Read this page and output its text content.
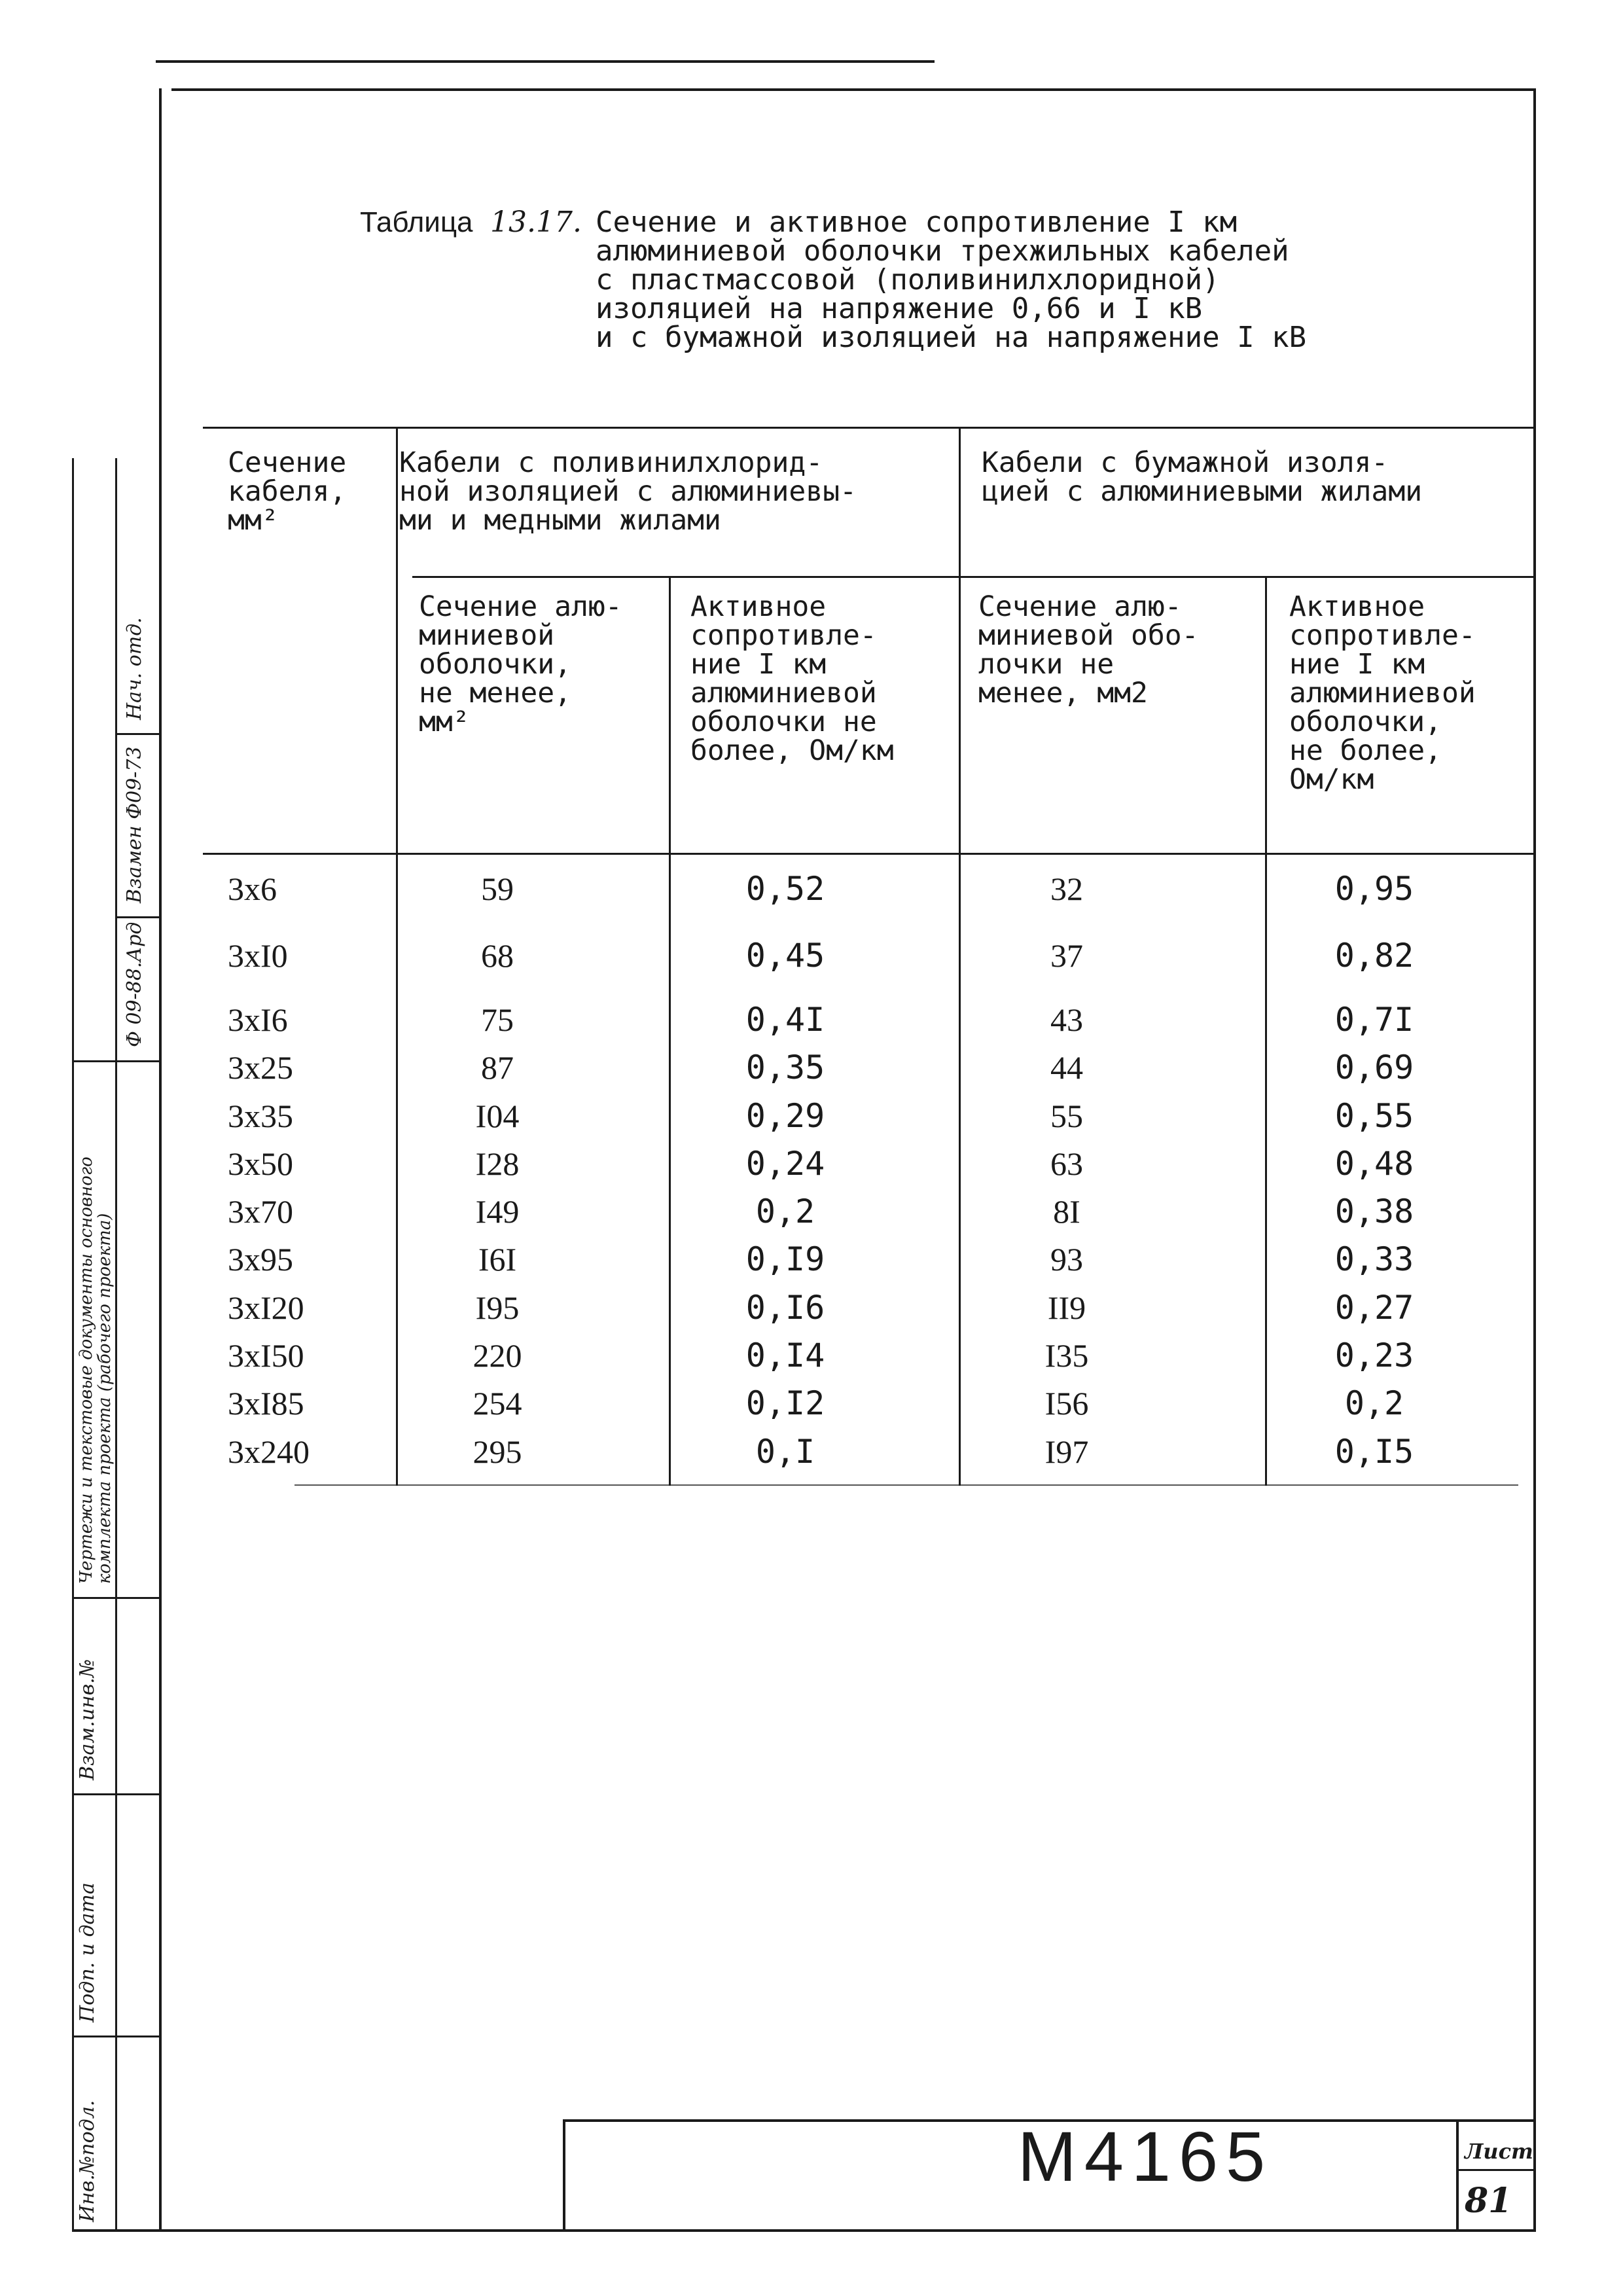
Инв.№подл.
Подп. и дата
Взам.инв.№
Чертежи и текстовые документы основного комплекта проекта (рабочего проекта)
Ф 09-88.Ард
Взамен Ф09-73
Нач. отд.
Таблица 13.17. Сечение и активное сопротивление I км
алюминиевой оболочки трехжильных кабелей
с пластмассовой (поливинилхлоридной)
изоляцией на напряжение 0,66 и I кВ
и с бумажной изоляцией на напряжение I кВ
Сечение
кабеля,
мм²
Кабели с поливинилхлорид-
ной изоляцией с алюминиевы-
ми и медными жилами
Кабели с бумажной изоля-
цией с алюминиевыми жилами
Сечение алю-
миниевой
оболочки,
не менее,
мм²
Активное
сопротивле-
ние I км
алюминиевой
оболочки не
более, Ом/км
Сечение алю-
миниевой обо-
лочки не
менее, мм2
Активное
сопротивле-
ние I км
алюминиевой
оболочки,
не более,
Ом/км
3x6	59	0,52	32	0,95
3xI0	68	0,45	37	0,82
3xI6	75	0,4I	43	0,7I
3x25	87	0,35	44	0,69
3x35	I04	0,29	55	0,55
3x50	I28	0,24	63	0,48
3x70	I49	0,2	8I	0,38
3x95	I6I	0,I9	93	0,33
3xI20	I95	0,I6	II9	0,27
3xI50	220	0,I4	I35	0,23
3xI85	254	0,I2	I56	0,2
3x240	295	0,I	I97	0,I5
M4165	Лист
81
